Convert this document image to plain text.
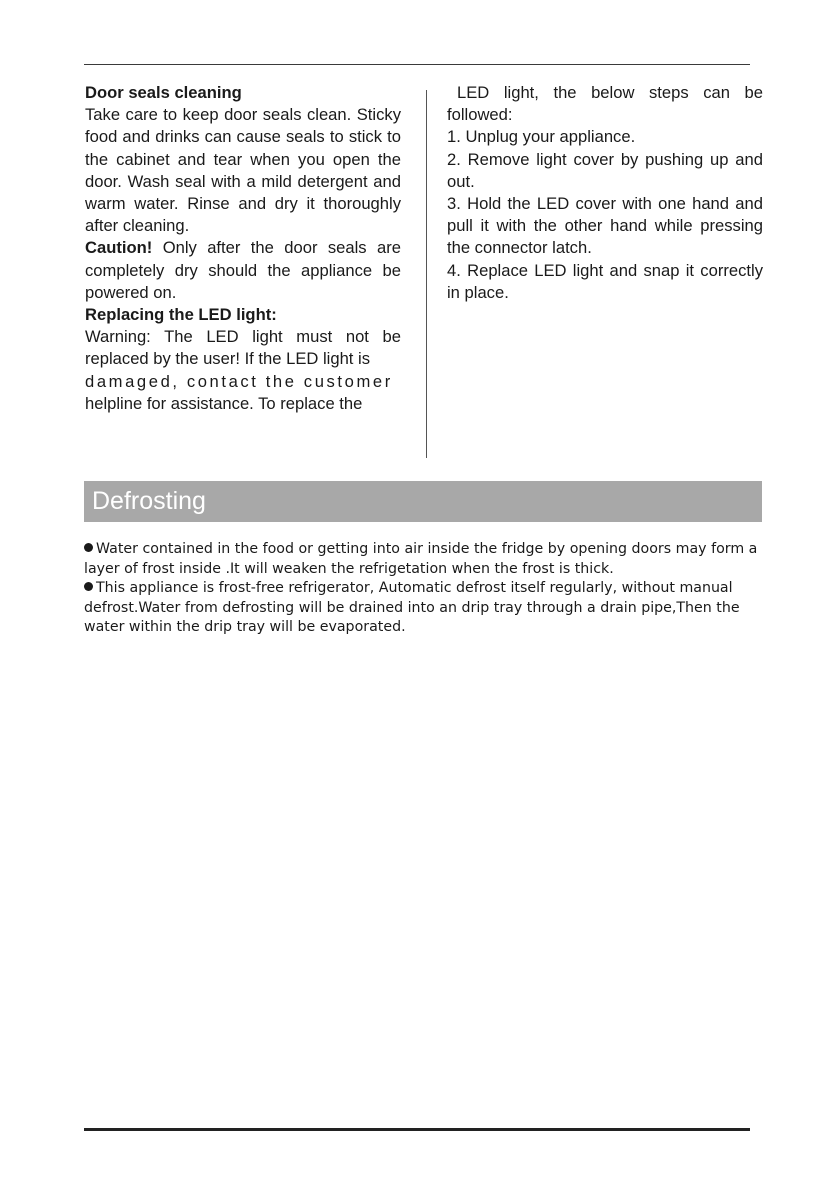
Door seals cleaning

Take care to keep door seals clean. Sticky food and drinks can cause seals to stick to the cabinet and tear when you open the door. Wash seal with a mild detergent and warm water. Rinse and dry it thoroughly after cleaning.

Caution! Only after the door seals are completely dry should the appliance be powered on.

Replacing the LED light:

Warning: The LED light must not be replaced by the user! If the LED light is

damaged, contact the customer

helpline for assistance. To replace the

LED light, the below steps can be followed:

1. Unplug your appliance.

2. Remove light cover by pushing up and out.

3. Hold the LED cover with one hand and pull it with the other hand while pressing the connector latch.

4. Replace LED light and snap it correctly in place.

Defrosting

Water contained in the food or getting into air inside the fridge by opening doors may form a layer of frost inside .It will weaken the refrigetation when the frost is thick.

This appliance is frost-free refrigerator, Automatic defrost itself regularly, without manual defrost.Water from defrosting will be drained into an drip tray through a drain pipe,Then the water within the drip tray will be evaporated.
